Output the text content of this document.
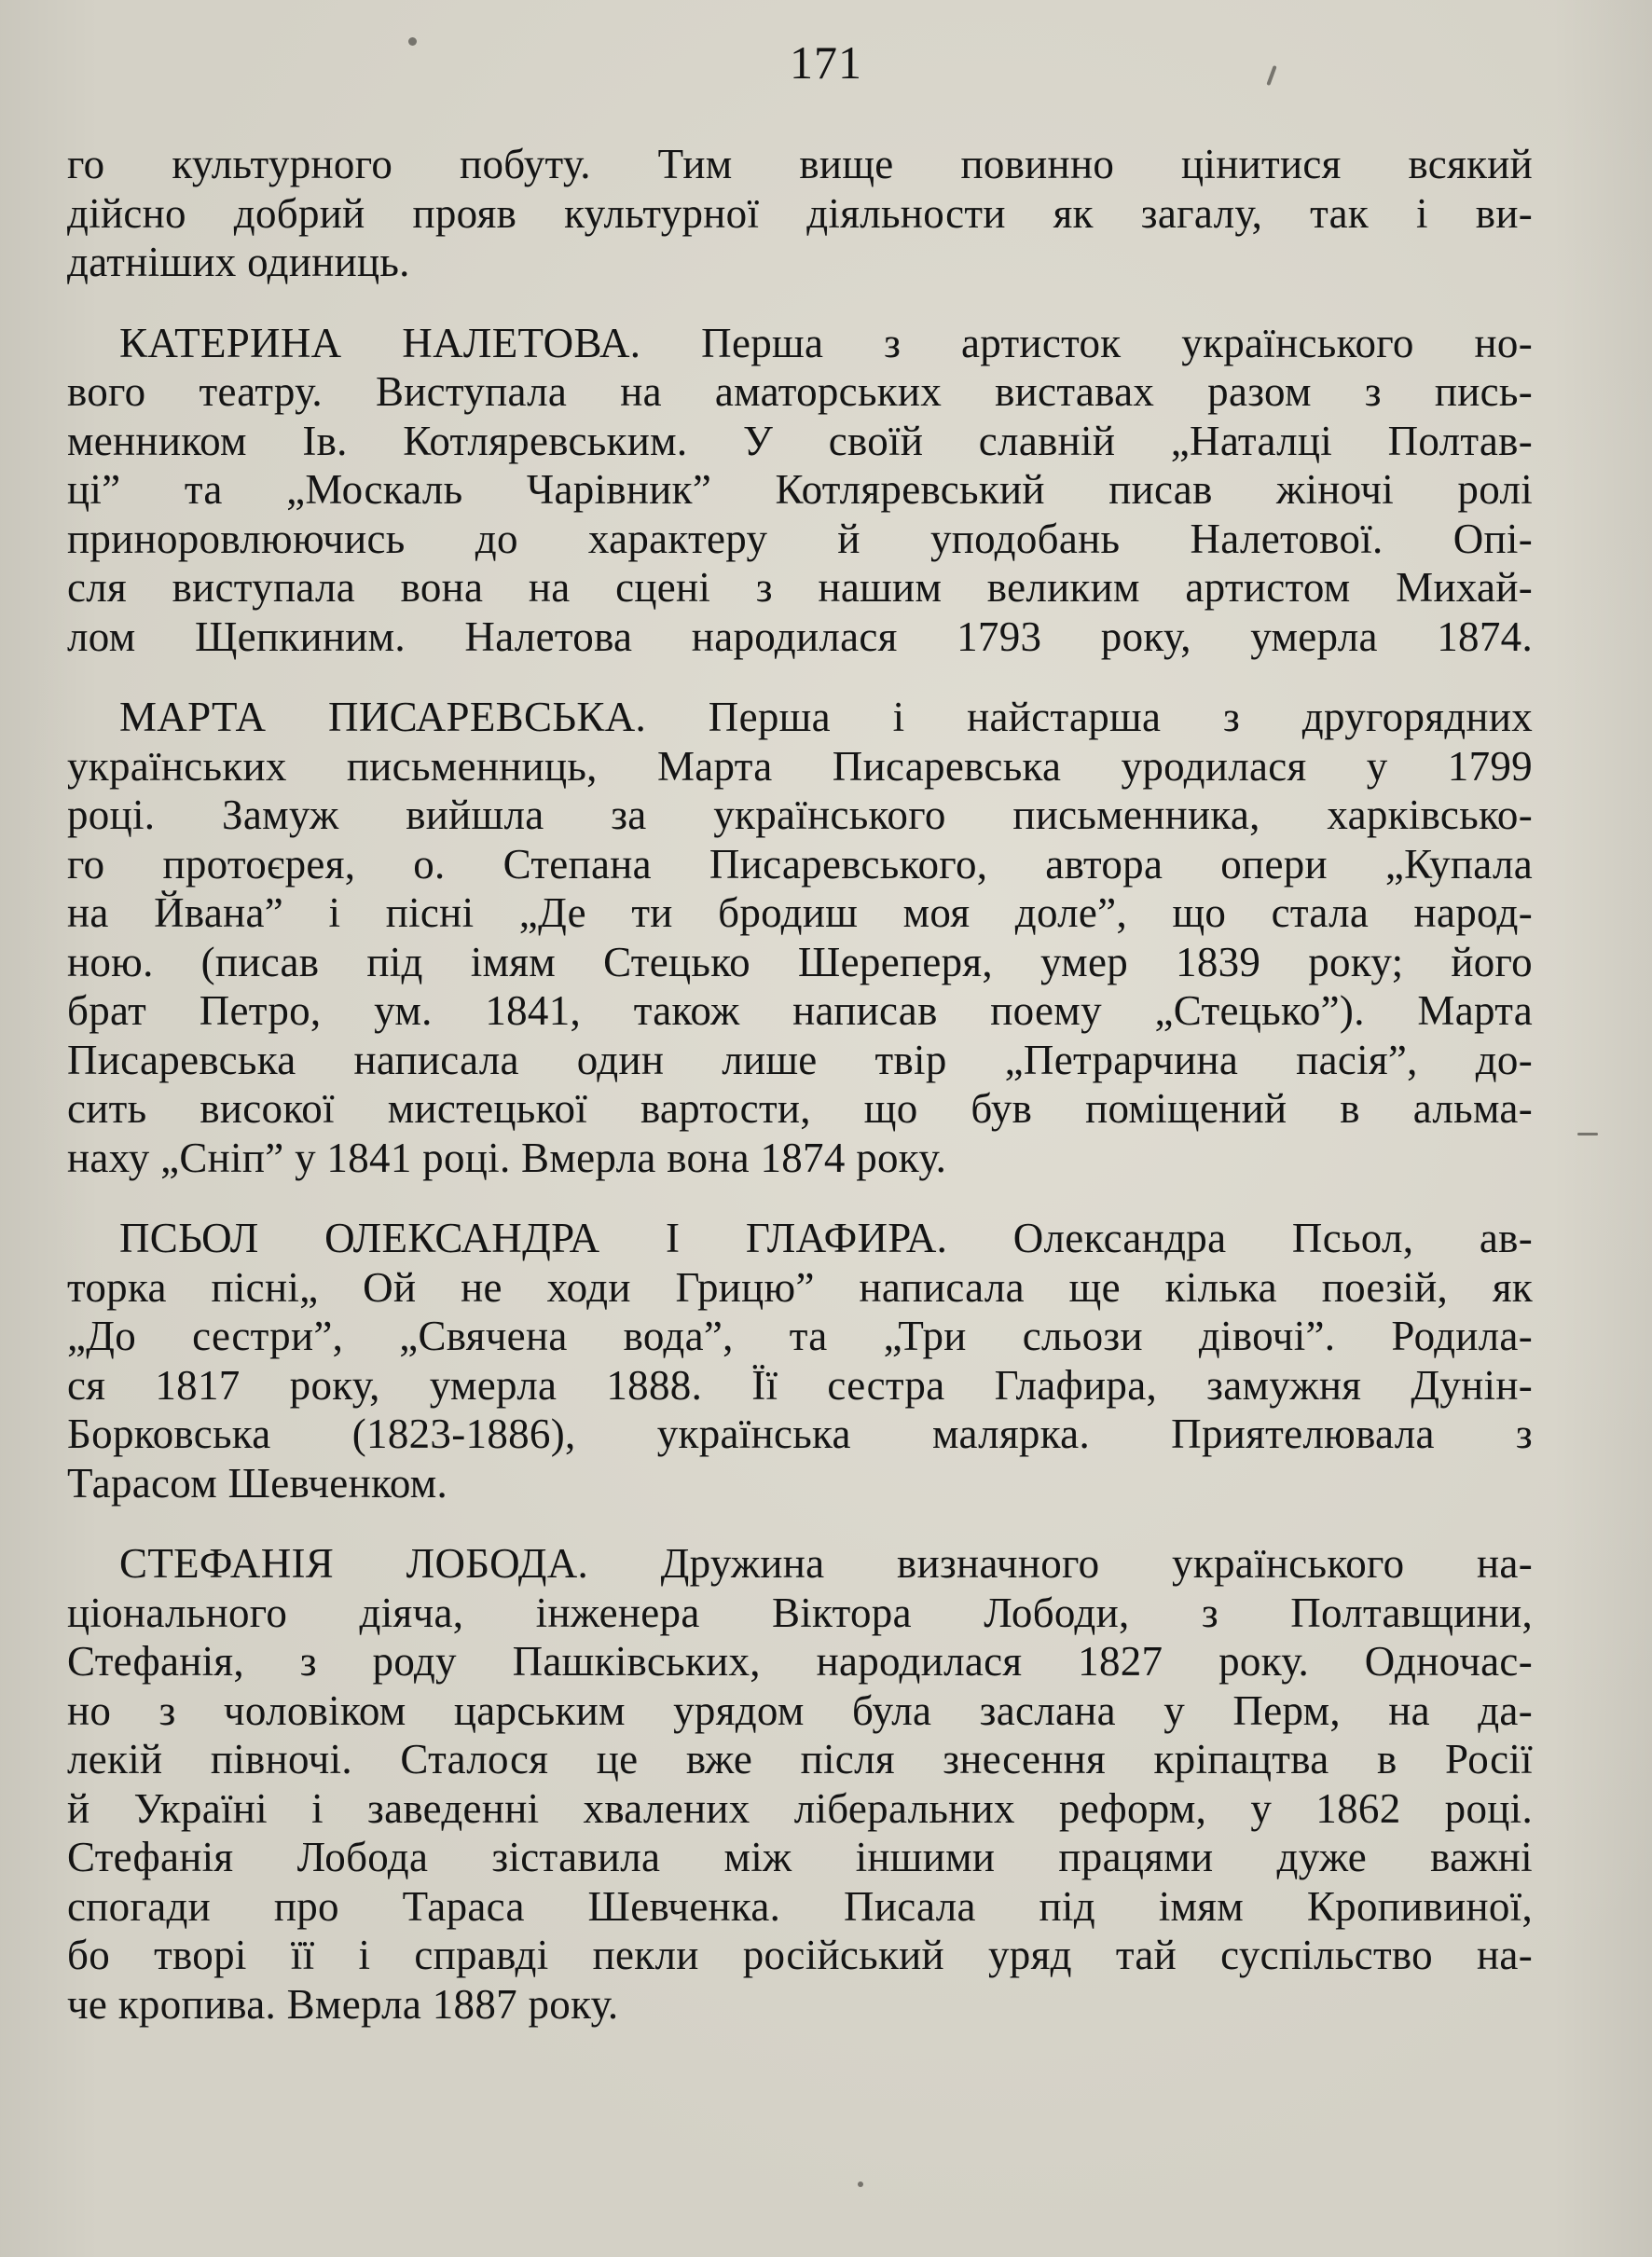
171

го культурного побуту. Тим вище повинно цінитися всякий
дійсно добрий прояв культурної діяльности як загалу, так і ви-
датніших одиниць.

КАТЕРИНА НАЛЕТОВА. Перша з артисток українського но-
вого театру. Виступала на аматорських виставах разом з пись-
менником Ів. Котляревським. У своїй славній „Наталці Полтав-
ці” та „Москаль Чарівник” Котляревський писав жіночі ролі
приноровлюючись до характеру й уподобань Налетової. Опі-
сля виступала вона на сцені з нашим великим артистом Михай-
лом Щепкиним. Налетова народилася 1793 року, умерла 1874.

МАРТА ПИСАРЕВСЬКА. Перша і найстарша з другорядних
українських письменниць, Марта Писаревська уродилася у 1799
році. Замуж вийшла за українського письменника, харківсько-
го протоєрея, о. Степана Писаревського, автора опери „Купала
на Йвана” і пісні „Де ти бродиш моя доле”, що стала народ-
ною. (писав під імям Стецько Шереперя, умер 1839 року; його
брат Петро, ум. 1841, також написав поему „Стецько”). Марта
Писаревська написала один лише твір „Петрарчина пасія”, до-
сить високої мистецької вартости, що був поміщений в альма-
наху „Сніп” у 1841 році. Вмерла вона 1874 року.

ПСЬОЛ ОЛЕКСАНДРА І ГЛАФИРА. Олександра Псьол, ав-
торка пісні„ Ой не ходи Грицю” написала ще кілька поезій, як
„До сестри”, „Свячена вода”, та „Три сльози дівочі”. Родила-
ся 1817 року, умерла 1888. Її сестра Глафира, замужня Дунін-
Борковська (1823-1886), українська малярка. Приятелювала з
Тарасом Шевченком.

СТЕФАНІЯ ЛОБОДА. Дружина визначного українського на-
ціонального діяча, інженера Віктора Лободи, з Полтавщини,
Стефанія, з роду Пашківських, народилася 1827 року. Одночас-
но з чоловіком царським урядом була заслана у Перм, на да-
лекій півночі. Сталося це вже після знесення кріпацтва в Росії
й Україні і заведенні хвалених ліберальних реформ, у 1862 році.
Стефанія Лобода зіставила між іншими працями дуже важні
спогади про Тараса Шевченка. Писала під імям Кропивиної,
бо творі її і справді пекли російський уряд тай суспільство на-
че кропива. Вмерла 1887 року.
